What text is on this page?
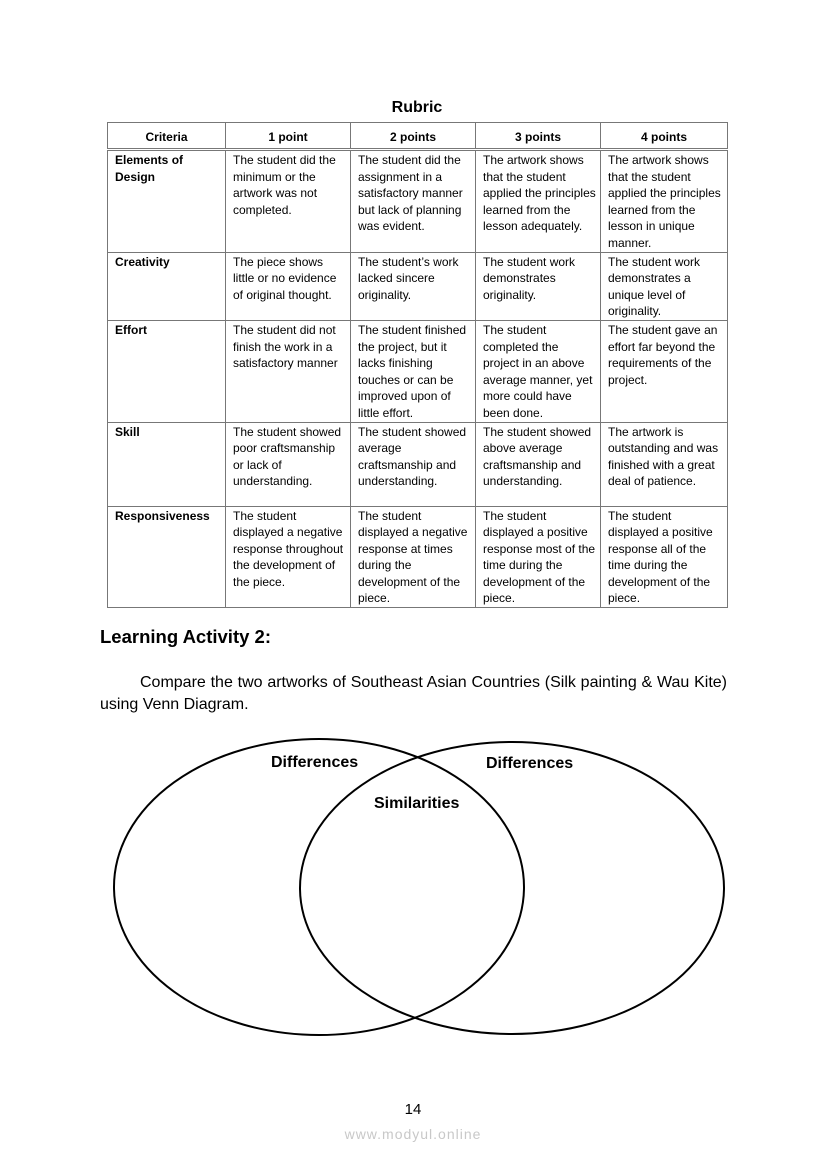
Rubric
Criteria	1 point	2 points	3 points	4 points
Elements of Design	The student did the minimum or the artwork was not completed.	The student did the assignment in a satisfactory manner but lack of planning was evident.	The artwork shows that the student applied the principles learned from the lesson adequately.	The artwork shows that the student applied the principles learned from the lesson in unique manner.
Creativity	The piece shows little or no evidence of original thought.	The student’s work lacked sincere originality.	The student work demonstrates originality.	The student work demonstrates a unique level of originality.
Effort	The student did not finish the work in a satisfactory manner	The student finished the project, but it lacks finishing touches or can be improved upon of little effort.	The student completed the project in an above average manner, yet more could have been done.	The student gave an effort far beyond the requirements of the project.
Skill	The student showed poor craftsmanship or lack of understanding.	The student showed average craftsmanship and understanding.	The student showed above average craftsmanship and understanding.	The artwork is outstanding and was finished with a great deal of patience.
Responsiveness	The student displayed a negative response throughout the development of the piece.	The student displayed a negative response at times during the development of the piece.	The student displayed a positive response most of the time during the development of the piece.	The student displayed a positive response all of the time during the development of the piece.
Learning Activity 2:
Compare the two artworks of Southeast Asian Countries (Silk painting & Wau Kite) using Venn Diagram.
Differences	Differences
Similarities
14
www.modyul.online
